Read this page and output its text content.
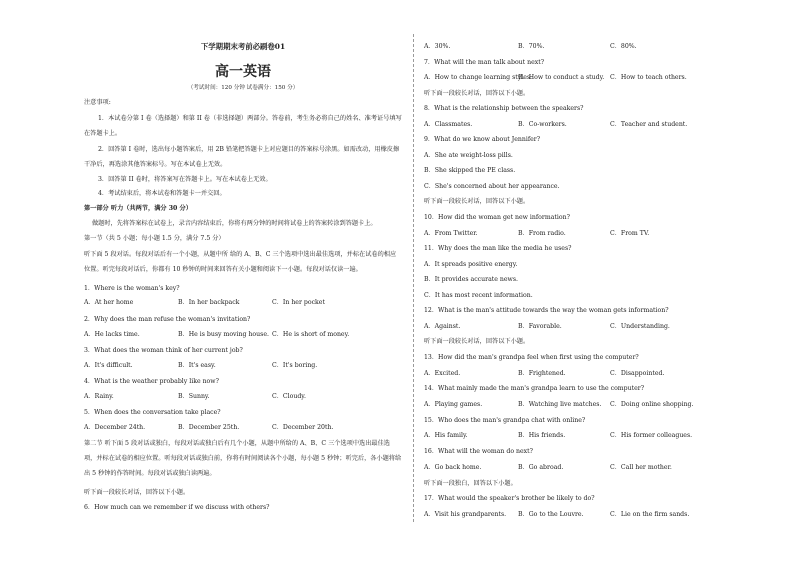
下学期期末考前必刷卷01
高一英语
（考试时间：120 分钟 试卷满分：150 分）
注意事项:
1．本试卷分第 I 卷（选择题）和第 II 卷（非选择题）两部分。答卷前，考生务必将自己的姓名、准考证号填写在答题卡上。
2．回答第 I 卷时，选出每小题答案后，用 2B 铅笔把答题卡上对应题目的答案标号涂黑。如需改动，用橡皮擦干净后，再选涂其他答案标号。写在本试卷上无效。
3．回答第 II 卷时，将答案写在答题卡上。写在本试卷上无效。
4．考试结束后，将本试卷和答题卡一并交回。
第一部分 听力（共两节，满分 30 分）
做题时，先将答案标在试卷上，录音内容结束后，你将有两分钟的时间将试卷上的答案转涂到答题卡上。
第一节（共 5 小题；每小题 1.5 分，满分 7.5 分）
听下面 5 段对话。每段对话后有一个小题，从题中所 给的 A、B、C 三个选项中选出最佳选项，并标在试卷的相应位置。听完每段对话后，你都有 10 秒钟的时间来回答有关小题和阅读下一小题。每段对话仅读一遍。
1．Where is the woman's key?
A．At her home	B．In her backpack	C．In her pocket
2．Why does the man refuse the woman's invitation?
A．He lacks time.	B．He is busy moving house. C．He is short of money.
3．What does the woman think of her current job?
A．It's difficult.	B．It's easy.	C．It's boring.
4．What is the weather probably like now?
A．Rainy.	B．Sunny.	C．Cloudy.
5．When does the conversation take place?
A．December 24th.	B．December 25th.	C．December 20th.
第二节 听下面 5 段对话或独白，每段对话或独白后有几个小题，从题中所给的 A、B、C 三个选项中选出最佳选项，并标在试卷的相应位置。听每段对话或独白前，你将有时间阅读各个小题，每小题 5 秒钟；听完后，各小题将给出 5 秒钟的作答时间。每段对话或独白读两遍。
听下面一段较长对话，回答以下小题。
6．How much can we remember if we discuss with others?
A．30%.	B．70%.	C．80%.
7．What will the man talk about next?
A．How to change learning styles.
B．How to conduct a study. C．How to teach others.
听下面一段较长对话，回答以下小题。
8．What is the relationship between the speakers?
A．Classmates.	B．Co-workers.	C．Teacher and student.
9．What do we know about Jennifer?
A．She ate weight-loss pills.
B．She skipped the PE class.
C．She's concerned about her appearance.
听下面一段较长对话，回答以下小题。
10．How did the woman get new information?
A．From Twitter.	B．From radio.	C．From TV.
11．Why does the man like the media he uses?
A．It spreads positive energy.
B．It provides accurate news.
C．It has most recent information.
12．What is the man's attitude towards the way the woman gets information?
A．Against.	B．Favorable.	C．Understanding.
听下面一段较长对话，回答以下小题。
13．How did the man's grandpa feel when first using the computer?
A．Excited.	B．Frightened.	C．Disappointed.
14．What mainly made the man's grandpa learn to use the computer?
A．Playing games.	B．Watching live matches. C．Doing online shopping.
15．Who does the man's grandpa chat with online?
A．His family.	B．His friends.	C．His former colleagues.
16．What will the woman do next?
A．Go back home.	B．Go abroad.	C．Call her mother.
听下面一段独白，回答以下小题。
17．What would the speaker's brother be likely to do?
A．Visit his grandparents. B．Go to the Louvre.	C．Lie on the firm sands.
